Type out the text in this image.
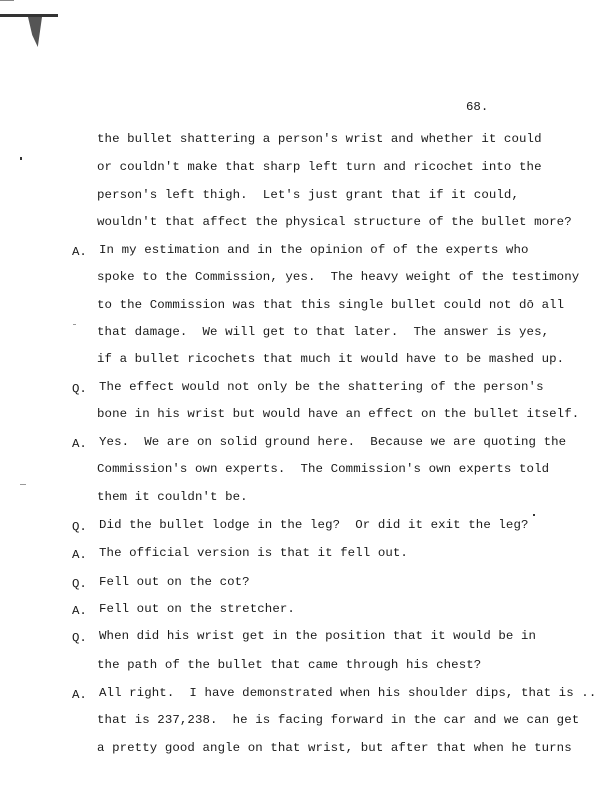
68.
the bullet shattering a person's wrist and whether it could
or couldn't make that sharp left turn and ricochet into the
person's left thigh.  Let's just grant that if it could,
wouldn't that affect the physical structure of the bullet more?
A. In my estimation and in the opinion of of the experts who
spoke to the Commission, yes.  The heavy weight of the testimony
to the Commission was that this single bullet could not dō all
that damage.  We will get to that later.  The answer is yes,
if a bullet ricochets that much it would have to be mashed up.
Q. The effect would not only be the shattering of the person's
bone in his wrist but would have an effect on the bullet itself.
A. Yes.  We are on solid ground here.  Because we are quoting the
Commission's own experts.  The Commission's own experts told
them it couldn't be.
Q. Did the bullet lodge in the leg?  Or did it exit the leg?
A. The official version is that it fell out.
Q. Fell out on the cot?
A. Fell out on the stretcher.
Q. When did his wrist get in the position that it would be in
the path of the bullet that came through his chest?
A. All right.  I have demonstrated when his shoulder dips, that is ..
that is 237,238.  he is facing forward in the car and we can get
a pretty good angle on that wrist, but after that when he turns
